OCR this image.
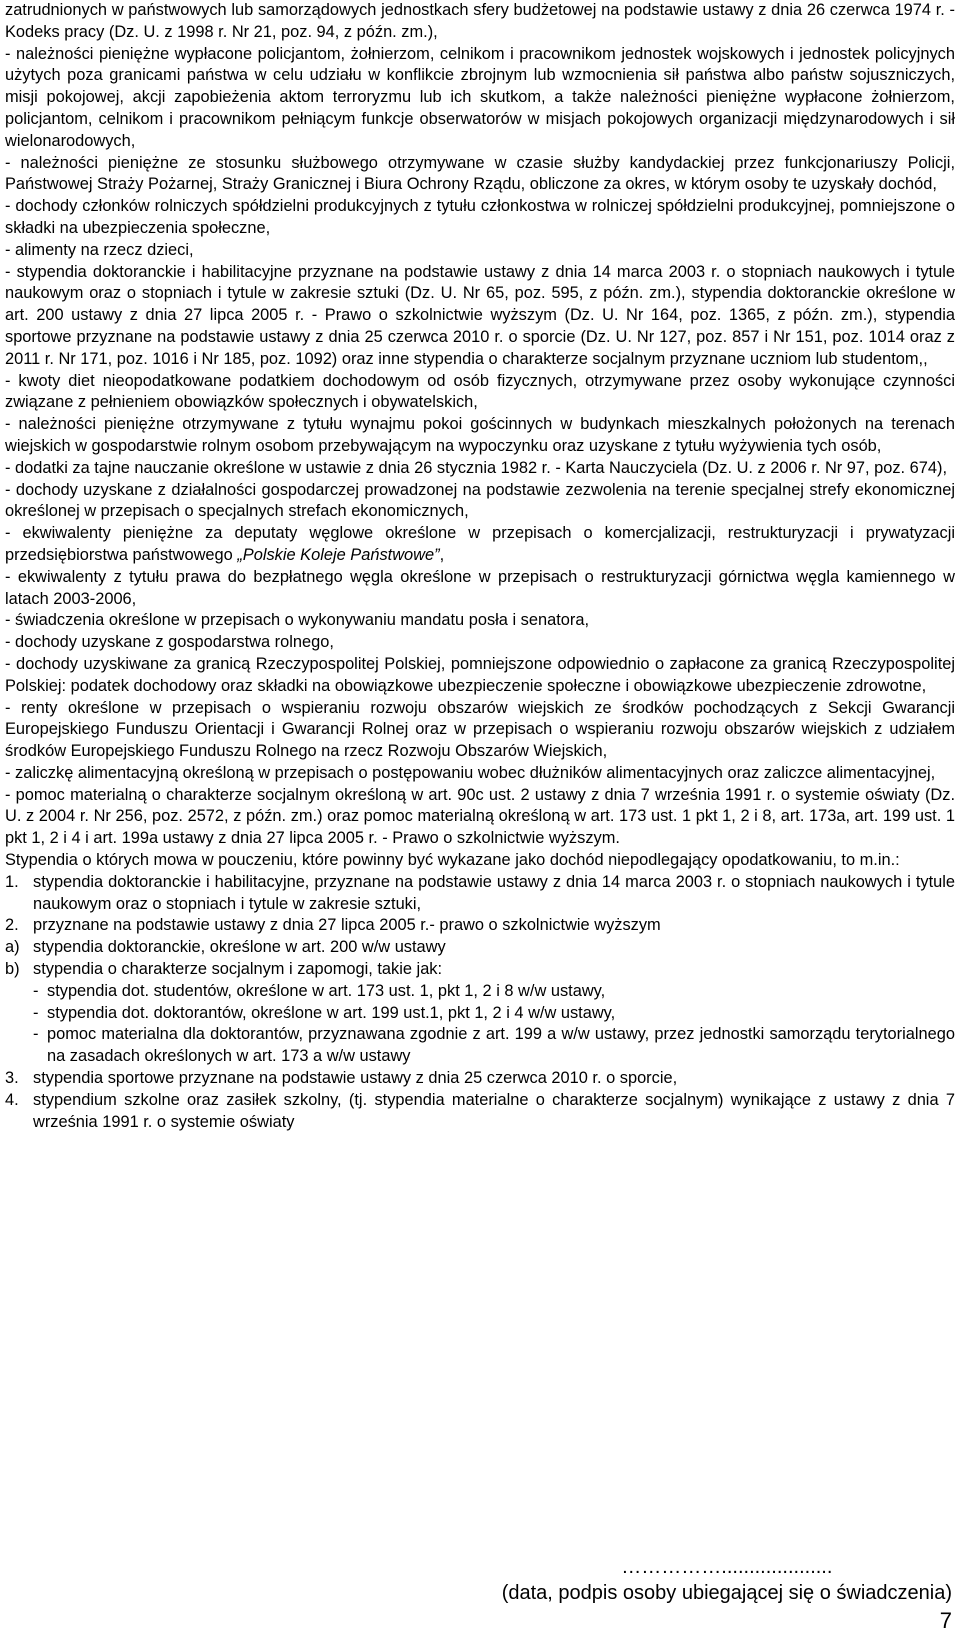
zatrudnionych w państwowych lub samorządowych jednostkach sfery budżetowej na podstawie ustawy z dnia 26 czerwca 1974 r. - Kodeks pracy (Dz. U. z 1998 r. Nr 21, poz. 94, z późn. zm.),

- należności pieniężne wypłacone policjantom, żołnierzom, celnikom i pracownikom jednostek wojskowych i jednostek policyjnych użytych poza granicami państwa w celu udziału w konflikcie zbrojnym lub wzmocnienia sił państwa albo państw sojuszniczych, misji pokojowej, akcji zapobieżenia aktom terroryzmu lub ich skutkom, a także należności pieniężne wypłacone żołnierzom, policjantom, celnikom i pracownikom pełniącym funkcje obserwatorów w misjach pokojowych organizacji międzynarodowych i sił wielonarodowych,

- należności pieniężne ze stosunku służbowego otrzymywane w czasie służby kandydackiej przez funkcjonariuszy Policji, Państwowej Straży Pożarnej, Straży Granicznej i Biura Ochrony Rządu, obliczone za okres, w którym osoby te uzyskały dochód,

- dochody członków rolniczych spółdzielni produkcyjnych z tytułu członkostwa w rolniczej spółdzielni produkcyjnej, pomniejszone o składki na ubezpieczenia społeczne,

- alimenty na rzecz dzieci,

- stypendia doktoranckie i habilitacyjne przyznane na podstawie ustawy z dnia 14 marca 2003 r. o stopniach naukowych i tytule naukowym oraz o stopniach i tytule w zakresie sztuki (Dz. U. Nr 65, poz. 595, z późn. zm.), stypendia doktoranckie określone w art. 200 ustawy z dnia 27 lipca 2005 r. - Prawo o szkolnictwie wyższym (Dz. U. Nr 164, poz. 1365, z późn. zm.), stypendia sportowe przyznane na podstawie ustawy z dnia 25 czerwca 2010 r. o sporcie (Dz. U. Nr 127, poz. 857 i Nr 151, poz. 1014 oraz z 2011 r. Nr 171, poz. 1016 i Nr 185, poz. 1092) oraz inne stypendia o charakterze socjalnym przyznane uczniom lub studentom,,

- kwoty diet nieopodatkowane podatkiem dochodowym od osób fizycznych, otrzymywane przez osoby wykonujące czynności związane z pełnieniem obowiązków społecznych i obywatelskich,

- należności pieniężne otrzymywane z tytułu wynajmu pokoi gościnnych w budynkach mieszkalnych położonych na terenach wiejskich w gospodarstwie rolnym osobom przebywającym na wypoczynku oraz uzyskane z tytułu wyżywienia tych osób,

- dodatki za tajne nauczanie określone w ustawie z dnia 26 stycznia 1982 r. - Karta Nauczyciela (Dz. U. z 2006 r. Nr 97, poz. 674),

- dochody uzyskane z działalności gospodarczej prowadzonej na podstawie zezwolenia na terenie specjalnej strefy ekonomicznej określonej w przepisach o specjalnych strefach ekonomicznych,

- ekwiwalenty pieniężne za deputaty węglowe określone w przepisach o komercjalizacji, restrukturyzacji i prywatyzacji przedsiębiorstwa państwowego „Polskie Koleje Państwowe”,

- ekwiwalenty z tytułu prawa do bezpłatnego węgla określone w przepisach o restrukturyzacji górnictwa węgla kamiennego w latach 2003-2006,

- świadczenia określone w przepisach o wykonywaniu mandatu posła i senatora,

- dochody uzyskane z gospodarstwa rolnego,

- dochody uzyskiwane za granicą Rzeczypospolitej Polskiej, pomniejszone odpowiednio o zapłacone za granicą Rzeczypospolitej Polskiej: podatek dochodowy oraz składki na obowiązkowe ubezpieczenie społeczne i obowiązkowe ubezpieczenie zdrowotne,

- renty określone w przepisach o wspieraniu rozwoju obszarów wiejskich ze środków pochodzących z Sekcji Gwarancji Europejskiego Funduszu Orientacji i Gwarancji Rolnej oraz w przepisach o wspieraniu rozwoju obszarów wiejskich z udziałem środków Europejskiego Funduszu Rolnego na rzecz Rozwoju Obszarów Wiejskich,

- zaliczkę alimentacyjną określoną w przepisach o postępowaniu wobec dłużników alimentacyjnych oraz zaliczce alimentacyjnej,

- pomoc materialną o charakterze socjalnym określoną w art. 90c ust. 2 ustawy z dnia 7 września 1991 r. o systemie oświaty (Dz. U. z 2004 r. Nr 256, poz. 2572, z późn. zm.) oraz pomoc materialną określoną w art. 173 ust. 1 pkt 1, 2 i 8, art. 173a, art. 199 ust. 1 pkt 1, 2 i 4 i art. 199a ustawy z dnia 27 lipca 2005 r. - Prawo o szkolnictwie wyższym.

Stypendia o których mowa w pouczeniu, które powinny być wykazane jako dochód niepodlegający opodatkowaniu, to m.in.:

1. stypendia doktoranckie i habilitacyjne, przyznane na podstawie ustawy z dnia 14 marca 2003 r. o stopniach naukowych i tytule naukowym oraz o stopniach i tytule w zakresie sztuki,
2. przyznane na podstawie ustawy z dnia 27 lipca 2005 r.- prawo o szkolnictwie wyższym
a) stypendia doktoranckie, określone w art. 200 w/w ustawy
b) stypendia o charakterze socjalnym i zapomogi, takie jak:
- stypendia dot. studentów, określone w art. 173 ust. 1, pkt 1, 2 i 8 w/w ustawy,
- stypendia dot. doktorantów, określone w art. 199 ust.1, pkt 1, 2 i 4 w/w ustawy,
- pomoc materialna dla doktorantów, przyznawana zgodnie z art. 199 a w/w ustawy, przez jednostki samorządu terytorialnego na zasadach określonych w art. 173 a w/w ustawy
3. stypendia sportowe przyznane na podstawie ustawy z dnia 25 czerwca 2010 r. o sporcie,
4. stypendium szkolne oraz zasiłek szkolny, (tj. stypendia materialne o charakterze socjalnym) wynikające z ustawy z dnia 7 września 1991 r. o systemie oświaty
……………....................
(data, podpis osoby ubiegającej się o świadczenia)
7
